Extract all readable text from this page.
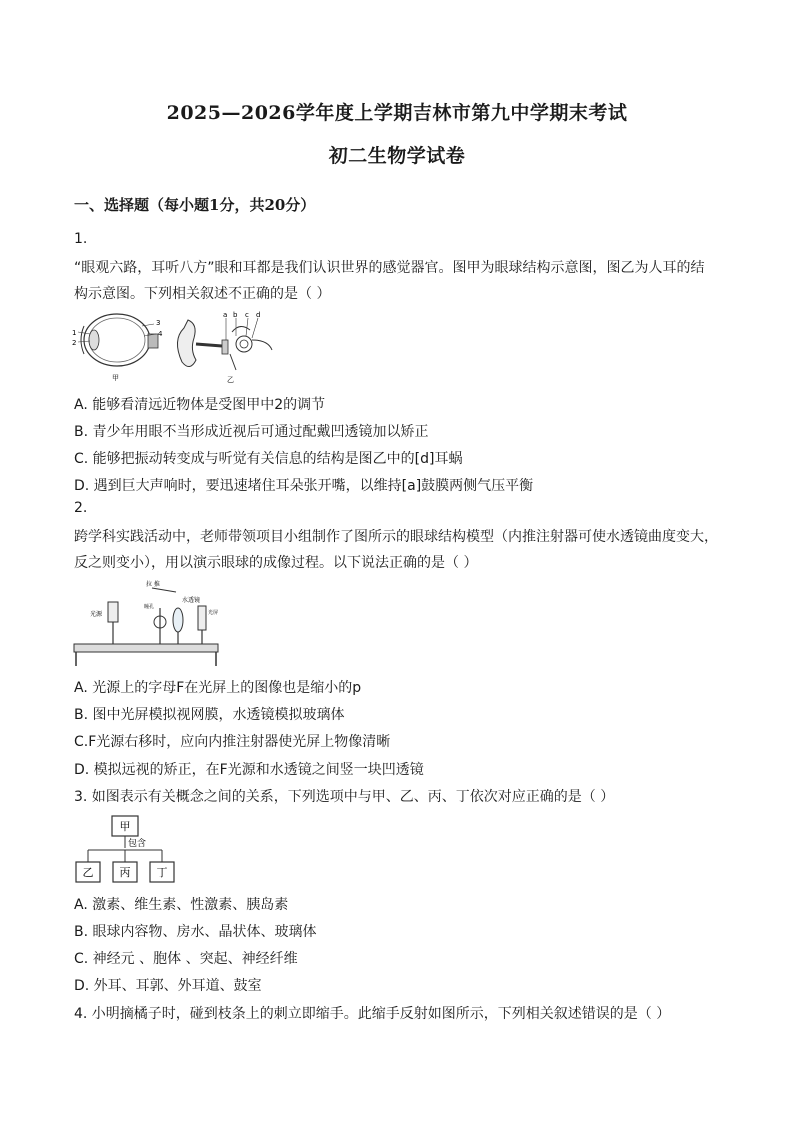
2025—2026学年度上学期吉林市第九中学期末考试
初二生物学试卷
一、选择题（每小题1分，共20分）
1.
“眼观六路，耳听八方”眼和耳都是我们认识世界的感觉器官。图甲为眼球结构示意图，图乙为人耳的结
构示意图。下列相关叙述不正确的是（ ）
1
2
3
4
甲
a b c d
乙
A. 能够看清远近物体是受图甲中2的调节
B. 青少年用眼不当形成近视后可通过配戴凹透镜加以矫正
C. 能够把振动转变成与听觉有关信息的结构是图乙中的[d]耳蜗
D. 遇到巨大声响时，要迅速堵住耳朵张开嘴，以维持[a]鼓膜两侧气压平衡
2.
跨学科实践活动中，老师带领项目小组制作了图所示的眼球结构模型（内推注射器可使水透镜曲度变大，
反之则变小），用以演示眼球的成像过程。以下说法正确的是（ ）
光源
拉 推
瞳孔
水透镜
光屏
A. 光源上的字母F在光屏上的图像也是缩小的p
B. 图中光屏模拟视网膜，水透镜模拟玻璃体
C.F光源右移时，应向内推注射器使光屏上物像清晰
D. 模拟远视的矫正，在F光源和水透镜之间竖一块凹透镜
3. 如图表示有关概念之间的关系，下列选项中与甲、乙、丙、丁依次对应正确的是（ ）
甲
包含
乙 丙 丁
A. 激素、维生素、性激素、胰岛素
B. 眼球内容物、房水、晶状体、玻璃体
C. 神经元 、胞体 、突起、神经纤维
D. 外耳、耳郭、外耳道、鼓室
4. 小明摘橘子时，碰到枝条上的刺立即缩手。此缩手反射如图所示，下列相关叙述错误的是（ ）
